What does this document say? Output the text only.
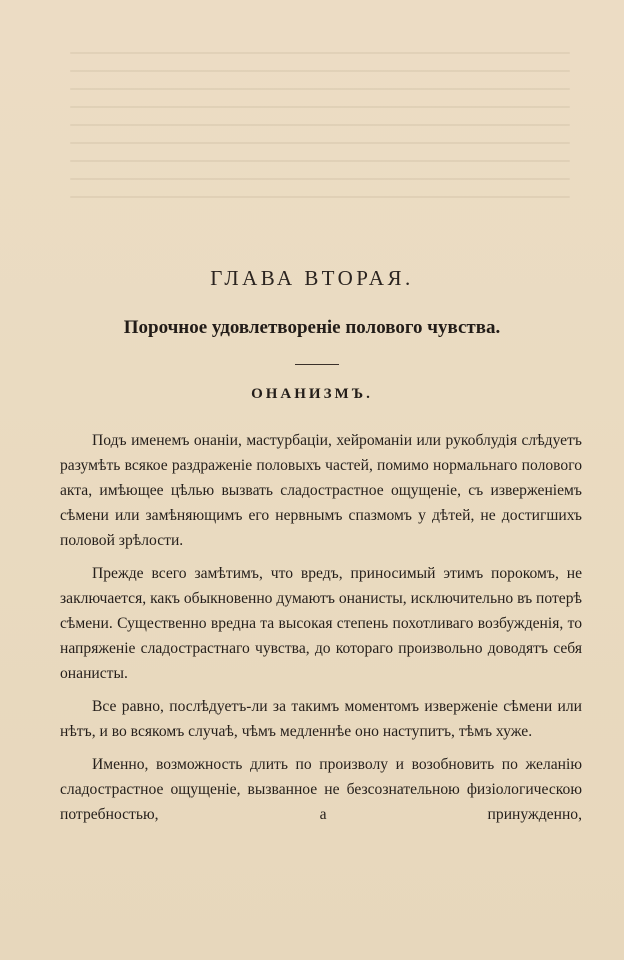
ГЛАВА ВТОРАЯ.
Порочное удовлетвореніе полового чувства.
ОНАНИЗМЪ.

Подъ именемъ онаніи, мастурбаціи, хейроманіи или рукоблудія слѣдуетъ разумѣть всякое раздраженіе половыхъ частей, помимо нормальнаго полового акта, имѣющее цѣлью вызвать сладострастное ощущеніе, съ изверженіемъ сѣмени или замѣняющимъ его нервнымъ спазмомъ у дѣтей, не достигшихъ половой зрѣлости.

Прежде всего замѣтимъ, что вредъ, приносимый этимъ порокомъ, не заключается, какъ обыкновенно думаютъ онанисты, исключительно въ потерѣ сѣмени. Существенно вредна та высокая степень похотливаго возбужденія, то напряженіе сладострастнаго чувства, до котораго произвольно доводятъ себя онанисты.

Все равно, послѣдуетъ-ли за такимъ моментомъ изверженіе сѣмени или нѣтъ, и во всякомъ случаѣ, чѣмъ медленнѣе оно наступитъ, тѣмъ хуже.

Именно, возможность длить по произволу и возобновить по желанію сладострастное ощущеніе, вызванное не безсознательною физіологическою потребностью, а принужденно,
